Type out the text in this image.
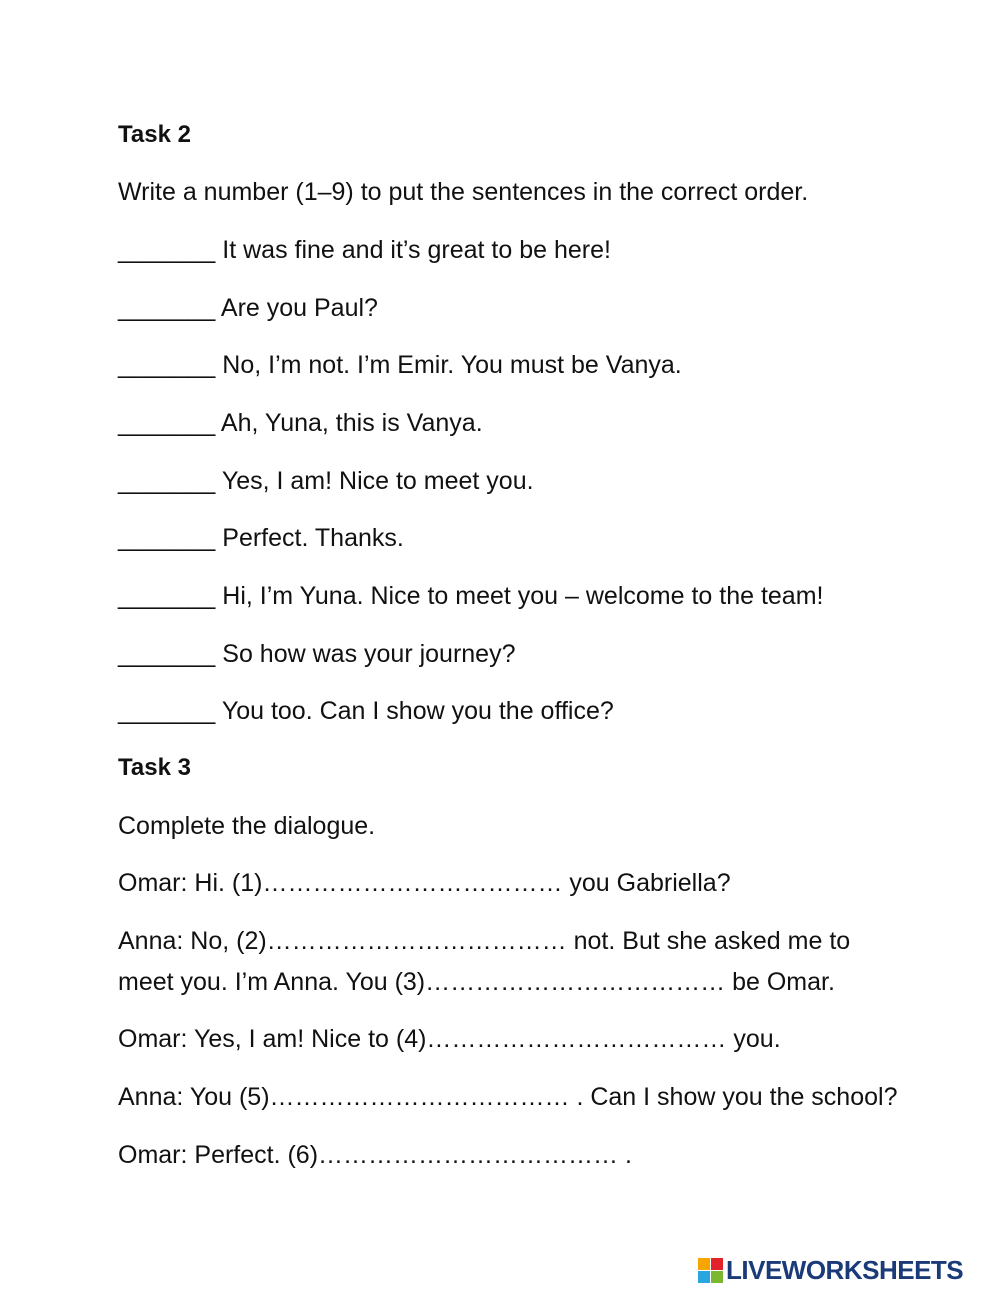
Task 2
Write a number (1–9) to put the sentences in the correct order.
_______ It was fine and it’s great to be here!
_______ Are you Paul?
_______ No, I’m not. I’m Emir. You must be Vanya.
_______ Ah, Yuna, this is Vanya.
_______ Yes, I am! Nice to meet you.
_______ Perfect. Thanks.
_______ Hi, I’m Yuna. Nice to meet you – welcome to the team!
_______ So how was your journey?
_______ You too. Can I show you the office?
Task 3
Complete the dialogue.
Omar: Hi. (1)……………………………… you Gabriella?
Anna: No, (2)……………………………… not. But she asked me to
meet you. I’m Anna. You (3)……………………………… be Omar.
Omar: Yes, I am! Nice to (4)……………………………… you.
Anna: You (5)……………………………… . Can I show you the school?
Omar: Perfect. (6)……………………………… .
LIVEWORKSHEETS
